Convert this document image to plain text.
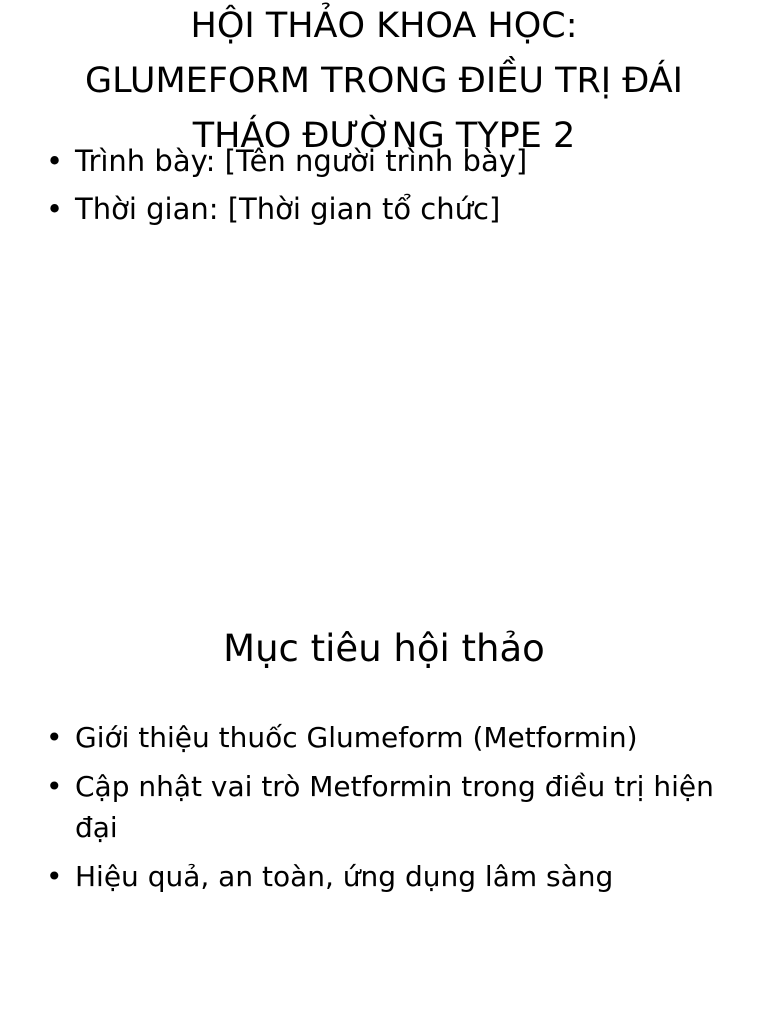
HỘI THẢO KHOA HỌC:
GLUMEFORM TRONG ĐIỀU TRỊ ĐÁI
THÁO ĐƯỜNG TYPE 2
• Trình bày: [Tên người trình bày]
• Thời gian: [Thời gian tổ chức]
Mục tiêu hội thảo
• Giới thiệu thuốc Glumeform (Metformin)
• Cập nhật vai trò Metformin trong điều trị hiện đại
• Hiệu quả, an toàn, ứng dụng lâm sàng
